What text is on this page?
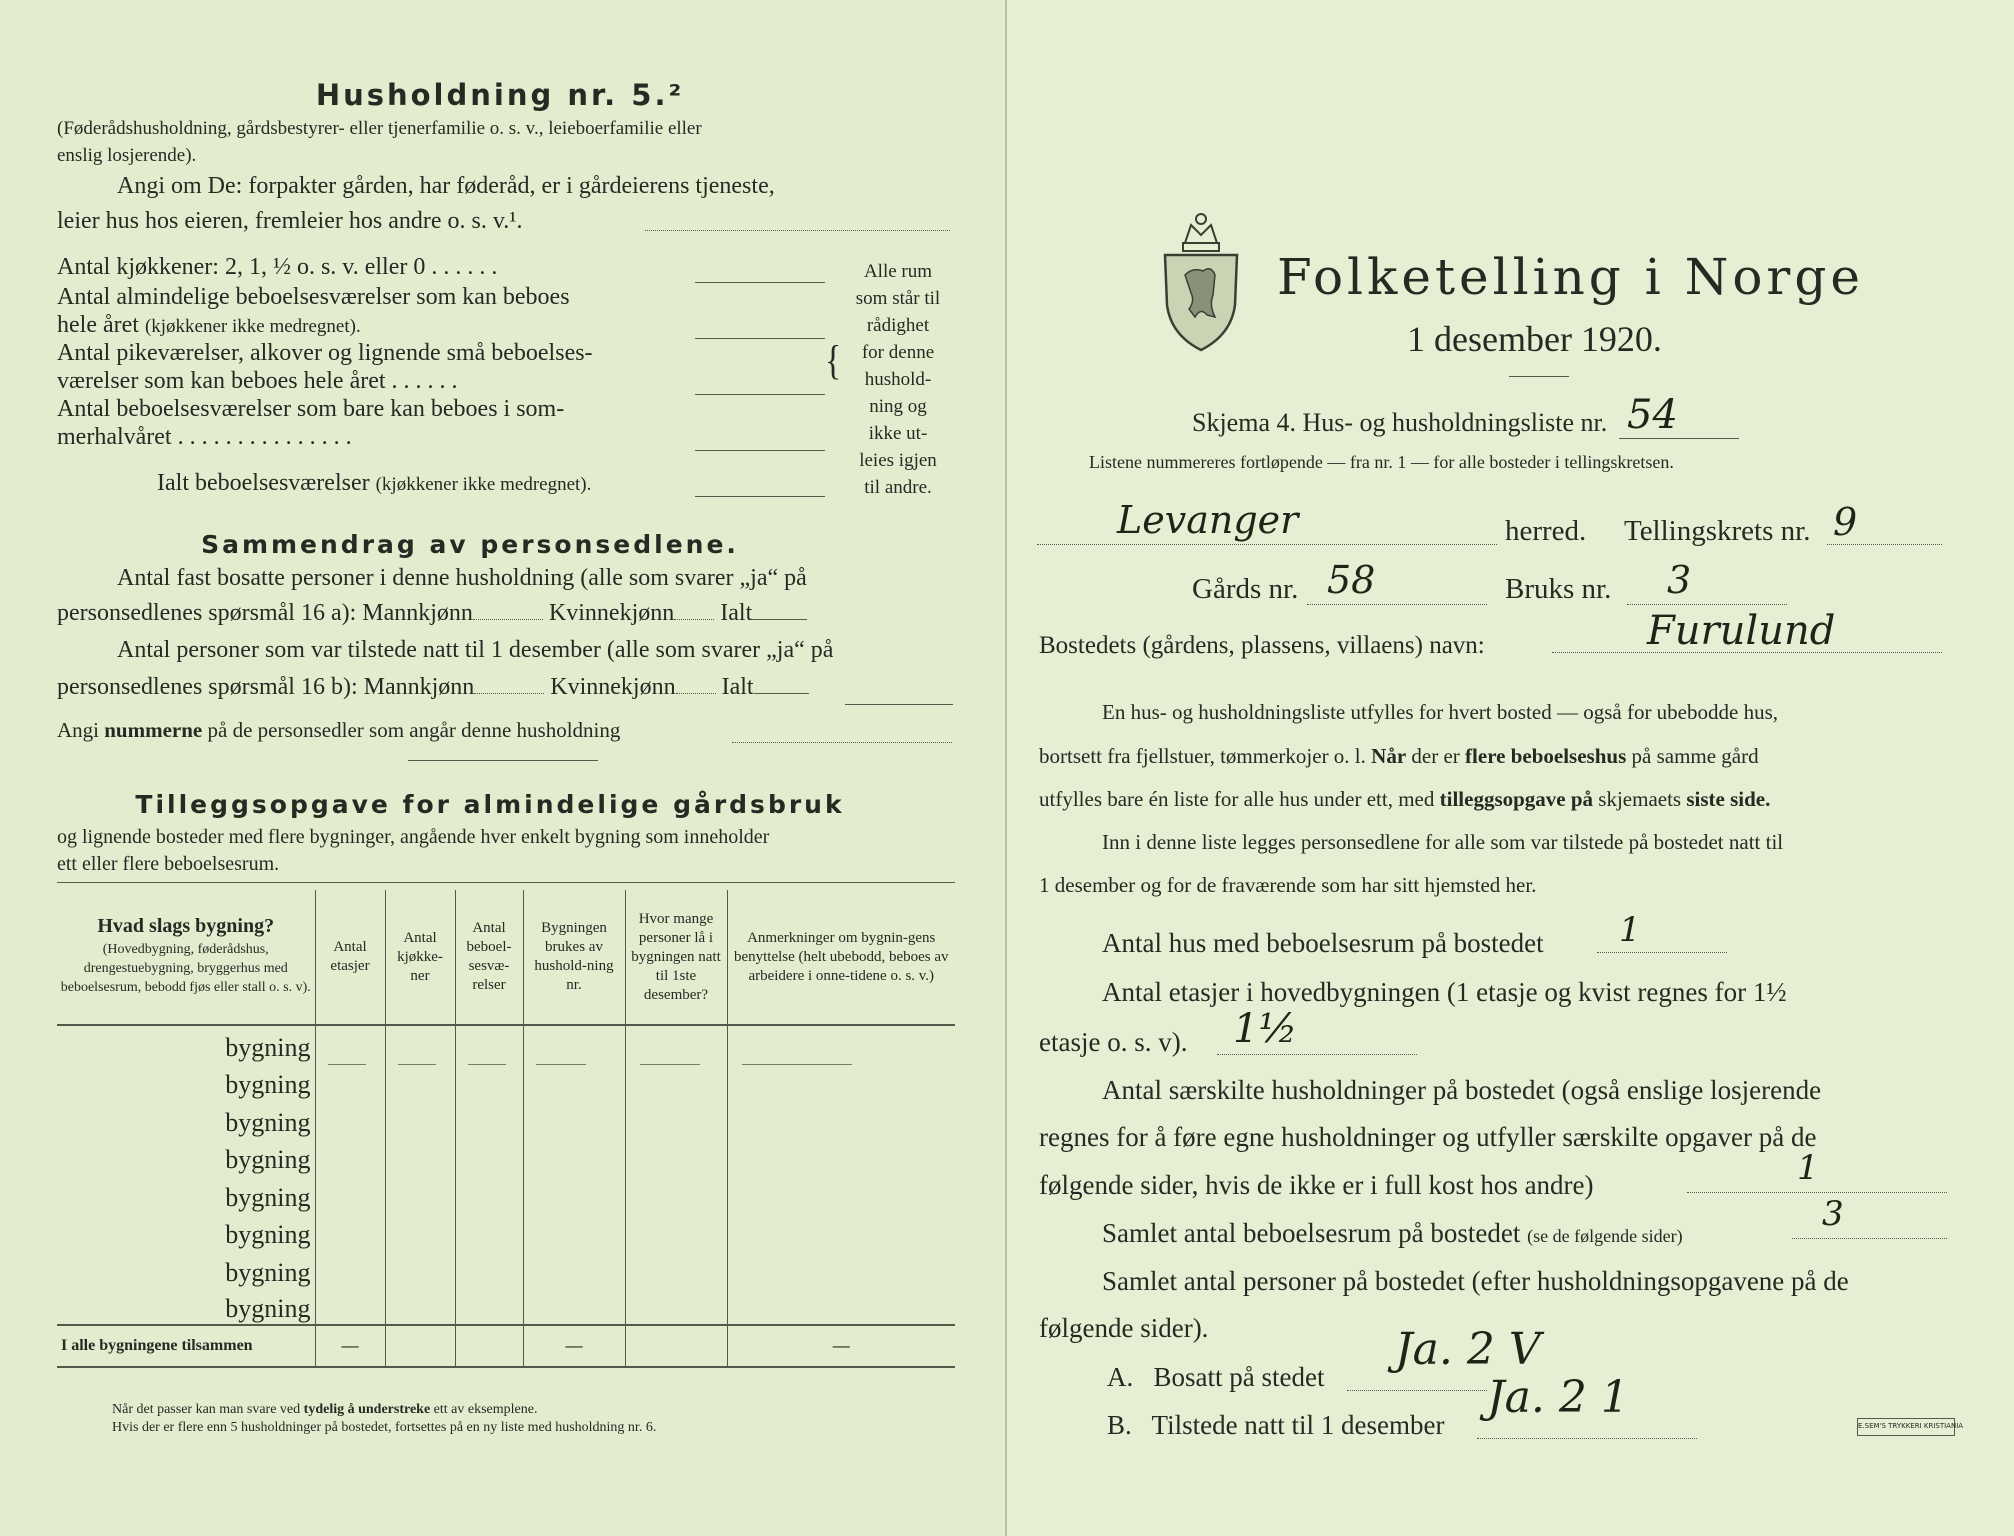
Husholdning nr. 5.²
(Føderådshusholdning, gårdsbestyrer- eller tjenerfamilie o. s. v., leieboerfamilie eller
enslig losjerende).
Angi om De: forpakter gården, har føderåd, er i gårdeierens tjeneste,
leier hus hos eieren, fremleier hos andre o. s. v.¹.
Antal kjøkkener: 2, 1, ½ o. s. v. eller 0 . . . . . .
Antal almindelige beboelsesværelser som kan beboes
hele året (kjøkkener ikke medregnet).
Antal pikeværelser, alkover og lignende små beboelses-
værelser som kan beboes hele året . . . . . .
Antal beboelsesværelser som bare kan beboes i som-
merhalvåret . . . . . . . . . . . . . . .
Ialt beboelsesværelser (kjøkkener ikke medregnet).
{
Alle rum
som står til
rådighet
for denne
hushold-
ning og
ikke ut-
leies igjen
til andre.
Sammendrag av personsedlene.
Antal fast bosatte personer i denne husholdning (alle som svarer „ja“ på
personsedlenes spørsmål 16 a): Mannkjønn	Kvinnekjønn Ialt
Antal personer som var tilstede natt til 1 desember (alle som svarer „ja“ på
personsedlenes spørsmål 16 b): Mannkjønn	Kvinnekjønn Ialt
Angi nummerne på de personsedler som angår denne husholdning
Tilleggsopgave for almindelige gårdsbruk
og lignende bosteder med flere bygninger, angående hver enkelt bygning som inneholder
ett eller flere beboelsesrum.
Hvad slags bygning?
(Hovedbygning, føderådshus, drengestuebygning, bryggerhus med beboelsesrum, bebodd fjøs eller stall o. s. v).	Antal etasjer	Antal kjøkke-ner	Antal beboel-sesvæ-relser	Bygningen brukes av hushold-ning nr.	Hvor mange personer lå i bygningen natt til 1ste desember?	Anmerkninger om bygnin-gens benyttelse (helt ubebodd, beboes av arbeidere i onne-tidene o. s. v.)
bygning						
bygning						
bygning						
bygning						
bygning						
bygning						
bygning						
bygning						
I alle bygningene tilsammen	—			—		—
Når det passer kan man svare ved tydelig å understreke ett av eksemplene.
Hvis der er flere enn 5 husholdninger på bostedet, fortsettes på en ny liste med husholdning nr. 6.
Folketelling i Norge
1 desember 1920.
Skjema 4. Hus- og husholdningsliste nr. 54
Listene nummereres fortløpende — fra nr. 1 — for alle bosteder i tellingskretsen.
Levanger	herred. Tellingskrets nr. 9
Gårds nr. 58	Bruks nr. 3
Bostedets (gårdens, plassens, villaens) navn:	Furulund
En hus- og husholdningsliste utfylles for hvert bosted — også for ubebodde hus,
bortsett fra fjellstuer, tømmerkojer o. l. Når der er flere beboelseshus på samme gård
utfylles bare én liste for alle hus under ett, med tilleggsopgave på skjemaets siste side.
Inn i denne liste legges personsedlene for alle som var tilstede på bostedet natt til
1 desember og for de fraværende som har sitt hjemsted her.
Antal hus med beboelsesrum på bostedet 1
Antal etasjer i hovedbygningen (1 etasje og kvist regnes for 1½
etasje o. s. v). 1½
Antal særskilte husholdninger på bostedet (også enslige losjerende
regnes for å føre egne husholdninger og utfyller særskilte opgaver på de
følgende sider, hvis de ikke er i full kost hos andre)	1
Samlet antal beboelsesrum på bostedet (se de følgende sider)
3
Samlet antal personer på bostedet (efter husholdningsopgavene på de
følgende sider).
A. Bosatt på stedet
Ja. 2 V
B. Tilstede natt til 1 desember
Ja. 2 1
E.SEM'S TRYKKERI KRISTIANIA
